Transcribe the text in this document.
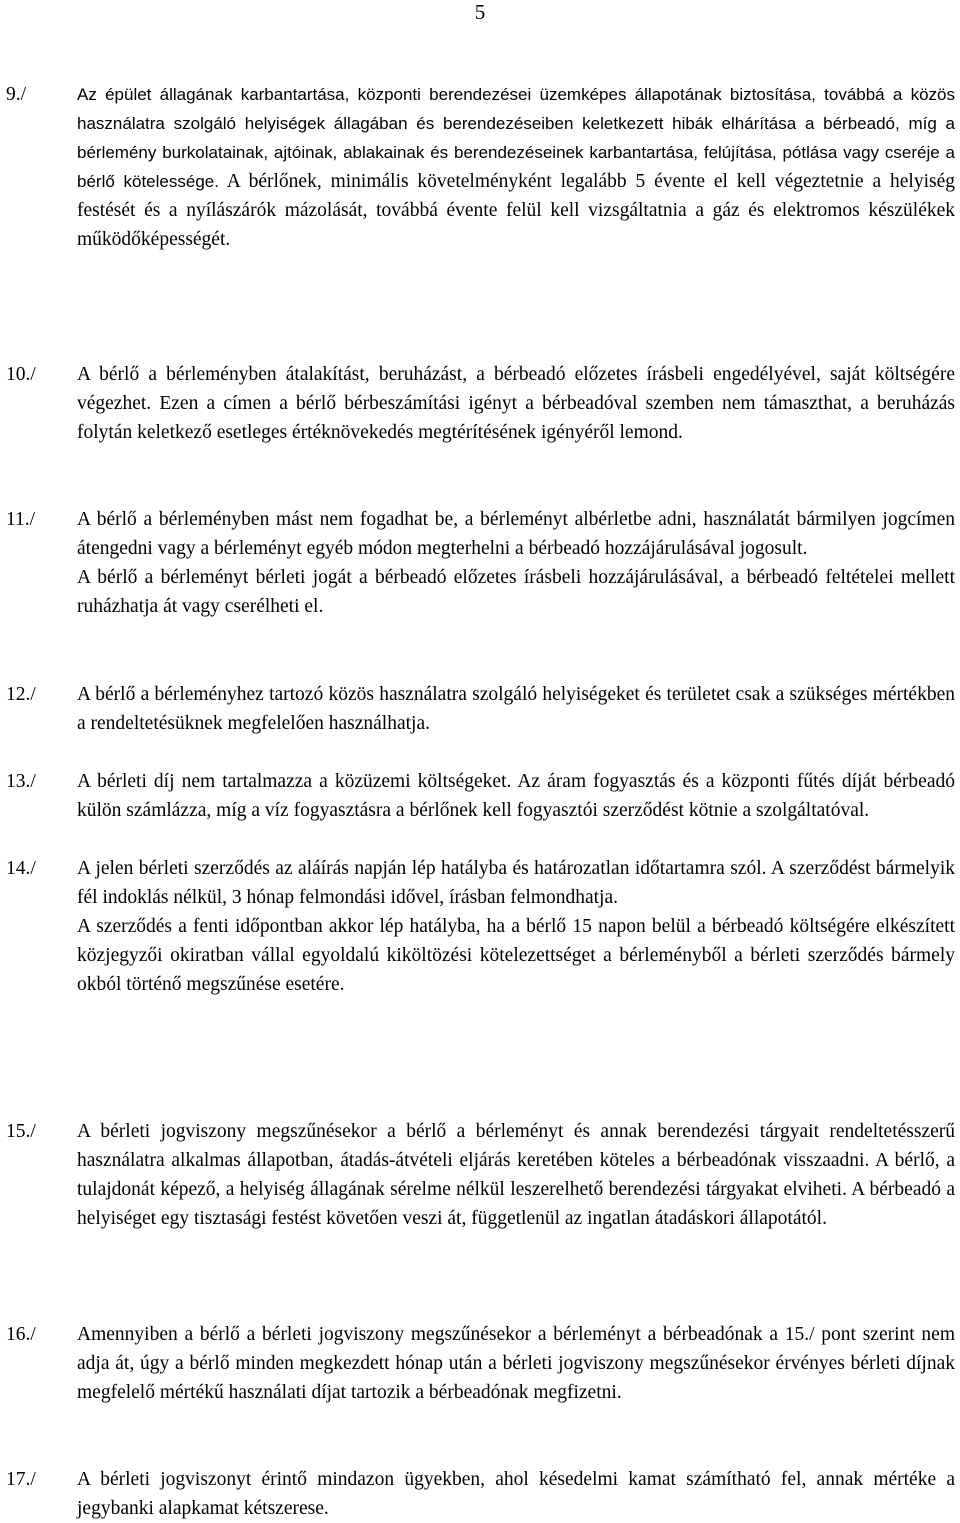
5
9./	Az épület állagának karbantartása, központi berendezései üzemképes állapotának biztosítása, továbbá a közös használatra szolgáló helyiségek állagában és berendezéseiben keletkezett hibák elhárítása a bérbeadó, míg a bérlemény burkolatainak, ajtóinak, ablakainak és berendezéseinek karbantartása, felújítása, pótlása vagy cseréje a bérlő kötelessége. A bérlőnek, minimális követelményként legalább 5 évente el kell végeztetnie a helyiség festését és a nyílászárók mázolását, továbbá évente felül kell vizsgáltatnia a gáz és elektromos készülékek működőképességét.

10./ A bérlő a bérleményben átalakítást, beruházást, a bérbeadó előzetes írásbeli engedélyével, saját költségére végezhet. Ezen a címen a bérlő bérbeszámítási igényt a bérbeadóval szemben nem támaszthat, a beruházás folytán keletkező esetleges értéknövekedés megtérítésének igényéről lemond.

11./ A bérlő a bérleményben mást nem fogadhat be, a bérleményt albérletbe adni, használatát bármilyen jogcímen átengedni vagy a bérleményt egyéb módon megterhelni a bérbeadó hozzájárulásával jogosult.

A bérlő a bérleményt bérleti jogát a bérbeadó előzetes írásbeli hozzájárulásával, a bérbeadó feltételei mellett ruházhatja át vagy cserélheti el.

12./ A bérlő a bérleményhez tartozó közös használatra szolgáló helyiségeket és területet csak a szükséges mértékben a rendeltetésüknek megfelelően használhatja.

13./ A bérleti díj nem tartalmazza a közüzemi költségeket. Az áram fogyasztás és a központi fűtés díját bérbeadó külön számlázza, míg a víz fogyasztásra a bérlőnek kell fogyasztói szerződést kötnie a szolgáltatóval.

14./ A jelen bérleti szerződés az aláírás napján lép hatályba és határozatlan időtartamra szól. A szerződést bármelyik fél indoklás nélkül, 3 hónap felmondási idővel, írásban felmondhatja.

A szerződés a fenti időpontban akkor lép hatályba, ha a bérlő 15 napon belül a bérbeadó költségére elkészített közjegyzői okiratban vállal egyoldalú kiköltözési kötelezettséget a bérleményből a bérleti szerződés bármely okból történő megszűnése esetére.

15./ A bérleti jogviszony megszűnésekor a bérlő a bérleményt és annak berendezési tárgyait rendeltetésszerű használatra alkalmas állapotban, átadás-átvételi eljárás keretében köteles a bérbeadónak visszaadni. A bérlő, a tulajdonát képező, a helyiség állagának sérelme nélkül leszerelhető berendezési tárgyakat elviheti. A bérbeadó a helyiséget egy tisztasági festést követően veszi át, függetlenül az ingatlan átadáskori állapotától.

16./ Amennyiben a bérlő a bérleti jogviszony megszűnésekor a bérleményt a bérbeadónak a 15./ pont szerint nem adja át, úgy a bérlő minden megkezdett hónap után a bérleti jogviszony megszűnésekor érvényes bérleti díjnak megfelelő mértékű használati díjat tartozik a bérbeadónak megfizetni.

17./ A bérleti jogviszonyt érintő mindazon ügyekben, ahol késedelmi kamat számítható fel, annak mértéke a jegybanki alapkamat kétszerese.
